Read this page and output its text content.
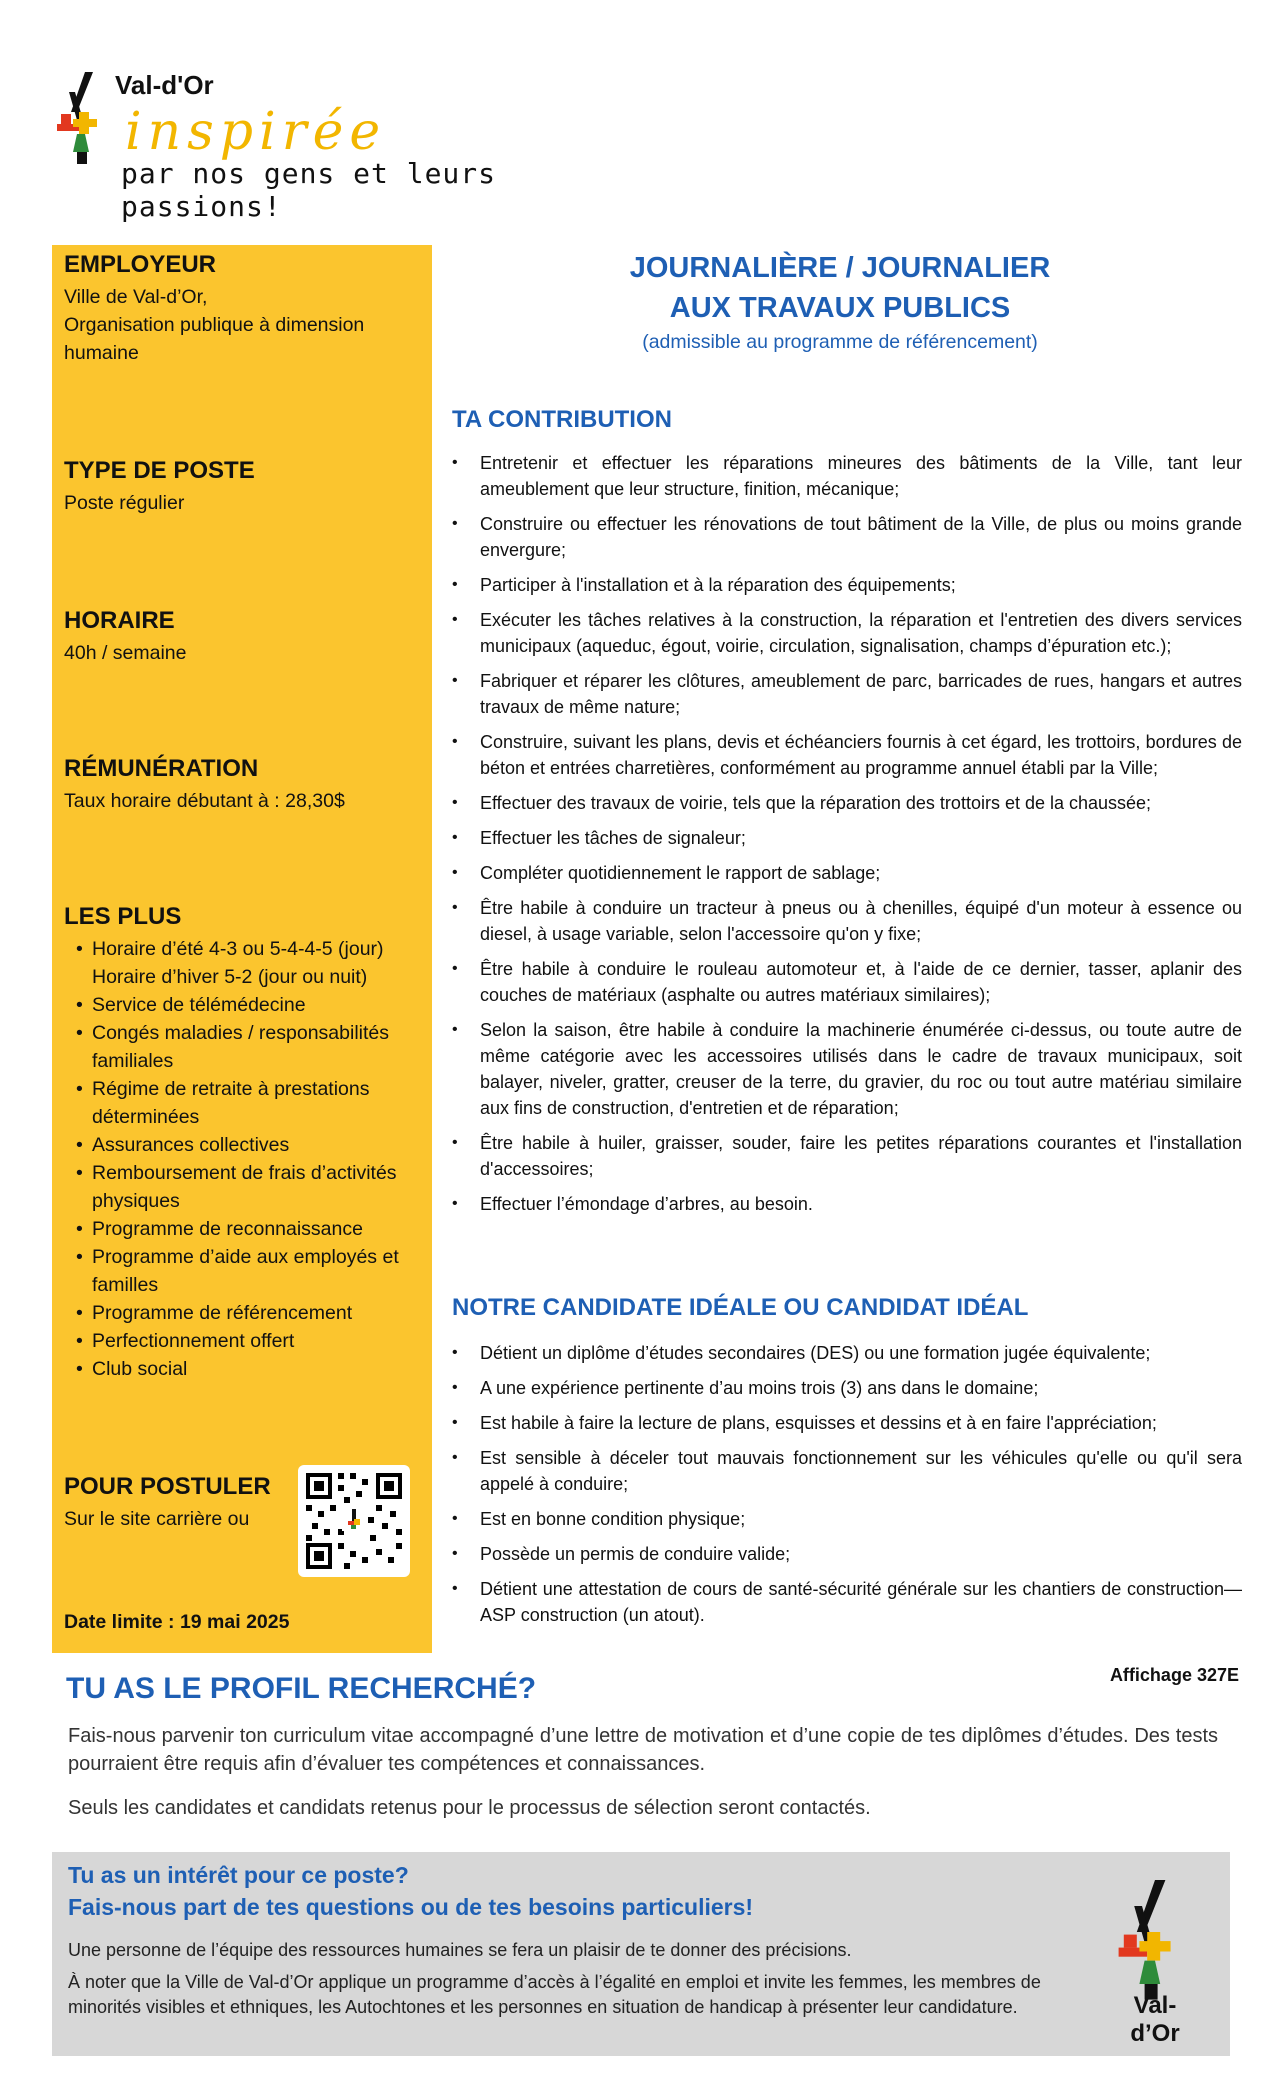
Val-d'Or
inspirée
par nos gens et leurs passions!
EMPLOYEUR

Ville de Val-d’Or,

Organisation publique à dimension

humaine

TYPE DE POSTE

Poste régulier

HORAIRE

40h / semaine

RÉMUNÉRATION

Taux horaire débutant à : 28,30$

LES PLUS
• Horaire d’été 4-3 ou 5-4-4-5 (jour) Horaire d’hiver 5-2 (jour ou nuit)
• Service de télémédecine
• Congés maladies / responsabilités familiales
• Régime de retraite à prestations déterminées
• Assurances collectives
• Remboursement de frais d’activités physiques
• Programme de reconnaissance
• Programme d’aide aux employés et familles
• Programme de référencement
• Perfectionnement offert
• Club social
POUR POSTULER

Sur le site carrière ou

Date limite : 19 mai 2025
JOURNALIÈRE / JOURNALIER
AUX TRAVAUX PUBLICS
(admissible au programme de référencement)
TA CONTRIBUTION
• Entretenir et effectuer les réparations mineures des bâtiments de la Ville, tant leur ameublement que leur structure, finition, mécanique;
• Construire ou effectuer les rénovations de tout bâtiment de la Ville, de plus ou moins grande envergure;
• Participer à l'installation et à la réparation des équipements;
• Exécuter les tâches relatives à la construction, la réparation et l'entretien des divers services municipaux (aqueduc, égout, voirie, circulation, signalisation, champs d’épuration etc.);
• Fabriquer et réparer les clôtures, ameublement de parc, barricades de rues, hangars et autres travaux de même nature;
• Construire, suivant les plans, devis et échéanciers fournis à cet égard, les trottoirs, bordures de béton et entrées charretières, conformément au programme annuel établi par la Ville;
• Effectuer des travaux de voirie, tels que la réparation des trottoirs et de la chaussée;
• Effectuer les tâches de signaleur;
• Compléter quotidiennement le rapport de sablage;
• Être habile à conduire un tracteur à pneus ou à chenilles, équipé d'un moteur à essence ou diesel, à usage variable, selon l'accessoire qu'on y fixe;
• Être habile à conduire le rouleau automoteur et, à l'aide de ce dernier, tasser, aplanir des couches de matériaux (asphalte ou autres matériaux similaires);
• Selon la saison, être habile à conduire la machinerie énumérée ci-dessus, ou toute autre de même catégorie avec les accessoires utilisés dans le cadre de travaux municipaux, soit balayer, niveler, gratter, creuser de la terre, du gravier, du roc ou tout autre matériau similaire aux fins de construction, d'entretien et de réparation;
• Être habile à huiler, graisser, souder, faire les petites réparations courantes et l'installation d'accessoires;
• Effectuer l’émondage d’arbres, au besoin.
NOTRE CANDIDATE IDÉALE OU CANDIDAT IDÉAL
• Détient un diplôme d’études secondaires (DES) ou une formation jugée équivalente;
• A une expérience pertinente d’au moins trois (3) ans dans le domaine;
• Est habile à faire la lecture de plans, esquisses et dessins et à en faire l'appréciation;
• Est sensible à déceler tout mauvais fonctionnement sur les véhicules qu'elle ou qu'il sera appelé à conduire;
• Est en bonne condition physique;
• Possède un permis de conduire valide;
• Détient une attestation de cours de santé-sécurité générale sur les chantiers de construction—ASP construction (un atout).
Affichage 327E
TU AS LE PROFIL RECHERCHÉ?

Fais-nous parvenir ton curriculum vitae accompagné d’une lettre de motivation et d’une copie de tes diplômes d’études. Des tests pourraient être requis afin d’évaluer tes compétences et connaissances.

Seuls les candidates et candidats retenus pour le processus de sélection seront contactés.

Tu as un intérêt pour ce poste?
Fais-nous part de tes questions ou de tes besoins particuliers!

Une personne de l’équipe des ressources humaines se fera un plaisir de te donner des précisions.

À noter que la Ville de Val-d’Or applique un programme d’accès à l’égalité en emploi et invite les femmes, les membres de minorités visibles et ethniques, les Autochtones et les personnes en situation de handicap à présenter leur candidature.	Val-d’Or
